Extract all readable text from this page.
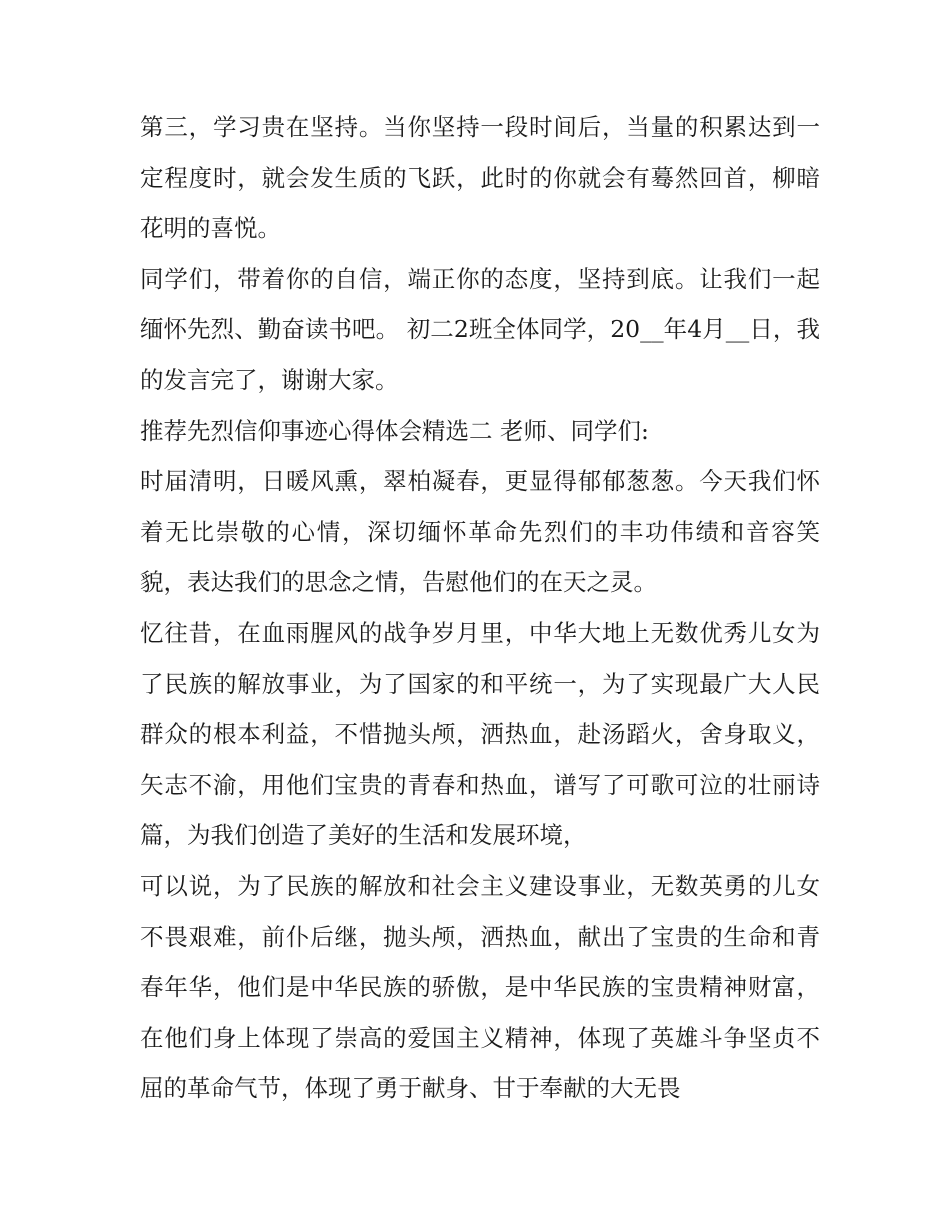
第三，学习贵在坚持。当你坚持一段时间后，当量的积累达到一定程度时，就会发生质的飞跃，此时的你就会有蓦然回首，柳暗花明的喜悦。

同学们，带着你的自信，端正你的态度，坚持到底。让我们一起缅怀先烈、勤奋读书吧。 初二2班全体同学，20__年4月__日，我的发言完了，谢谢大家。

推荐先烈信仰事迹心得体会精选二 老师、同学们:

时届清明，日暖风熏，翠柏凝春，更显得郁郁葱葱。今天我们怀着无比崇敬的心情，深切缅怀革命先烈们的丰功伟绩和音容笑貌，表达我们的思念之情，告慰他们的在天之灵。

忆往昔，在血雨腥风的战争岁月里，中华大地上无数优秀儿女为了民族的解放事业，为了国家的和平统一，为了实现最广大人民群众的根本利益，不惜抛头颅，洒热血，赴汤蹈火，舍身取义，矢志不渝，用他们宝贵的青春和热血，谱写了可歌可泣的壮丽诗篇，为我们创造了美好的生活和发展环境，

可以说，为了民族的解放和社会主义建设事业，无数英勇的儿女不畏艰难，前仆后继，抛头颅，洒热血，献出了宝贵的生命和青春年华，他们是中华民族的骄傲，是中华民族的宝贵精神财富，在他们身上体现了崇高的爱国主义精神，体现了英雄斗争坚贞不屈的革命气节，体现了勇于献身、甘于奉献的大无畏
